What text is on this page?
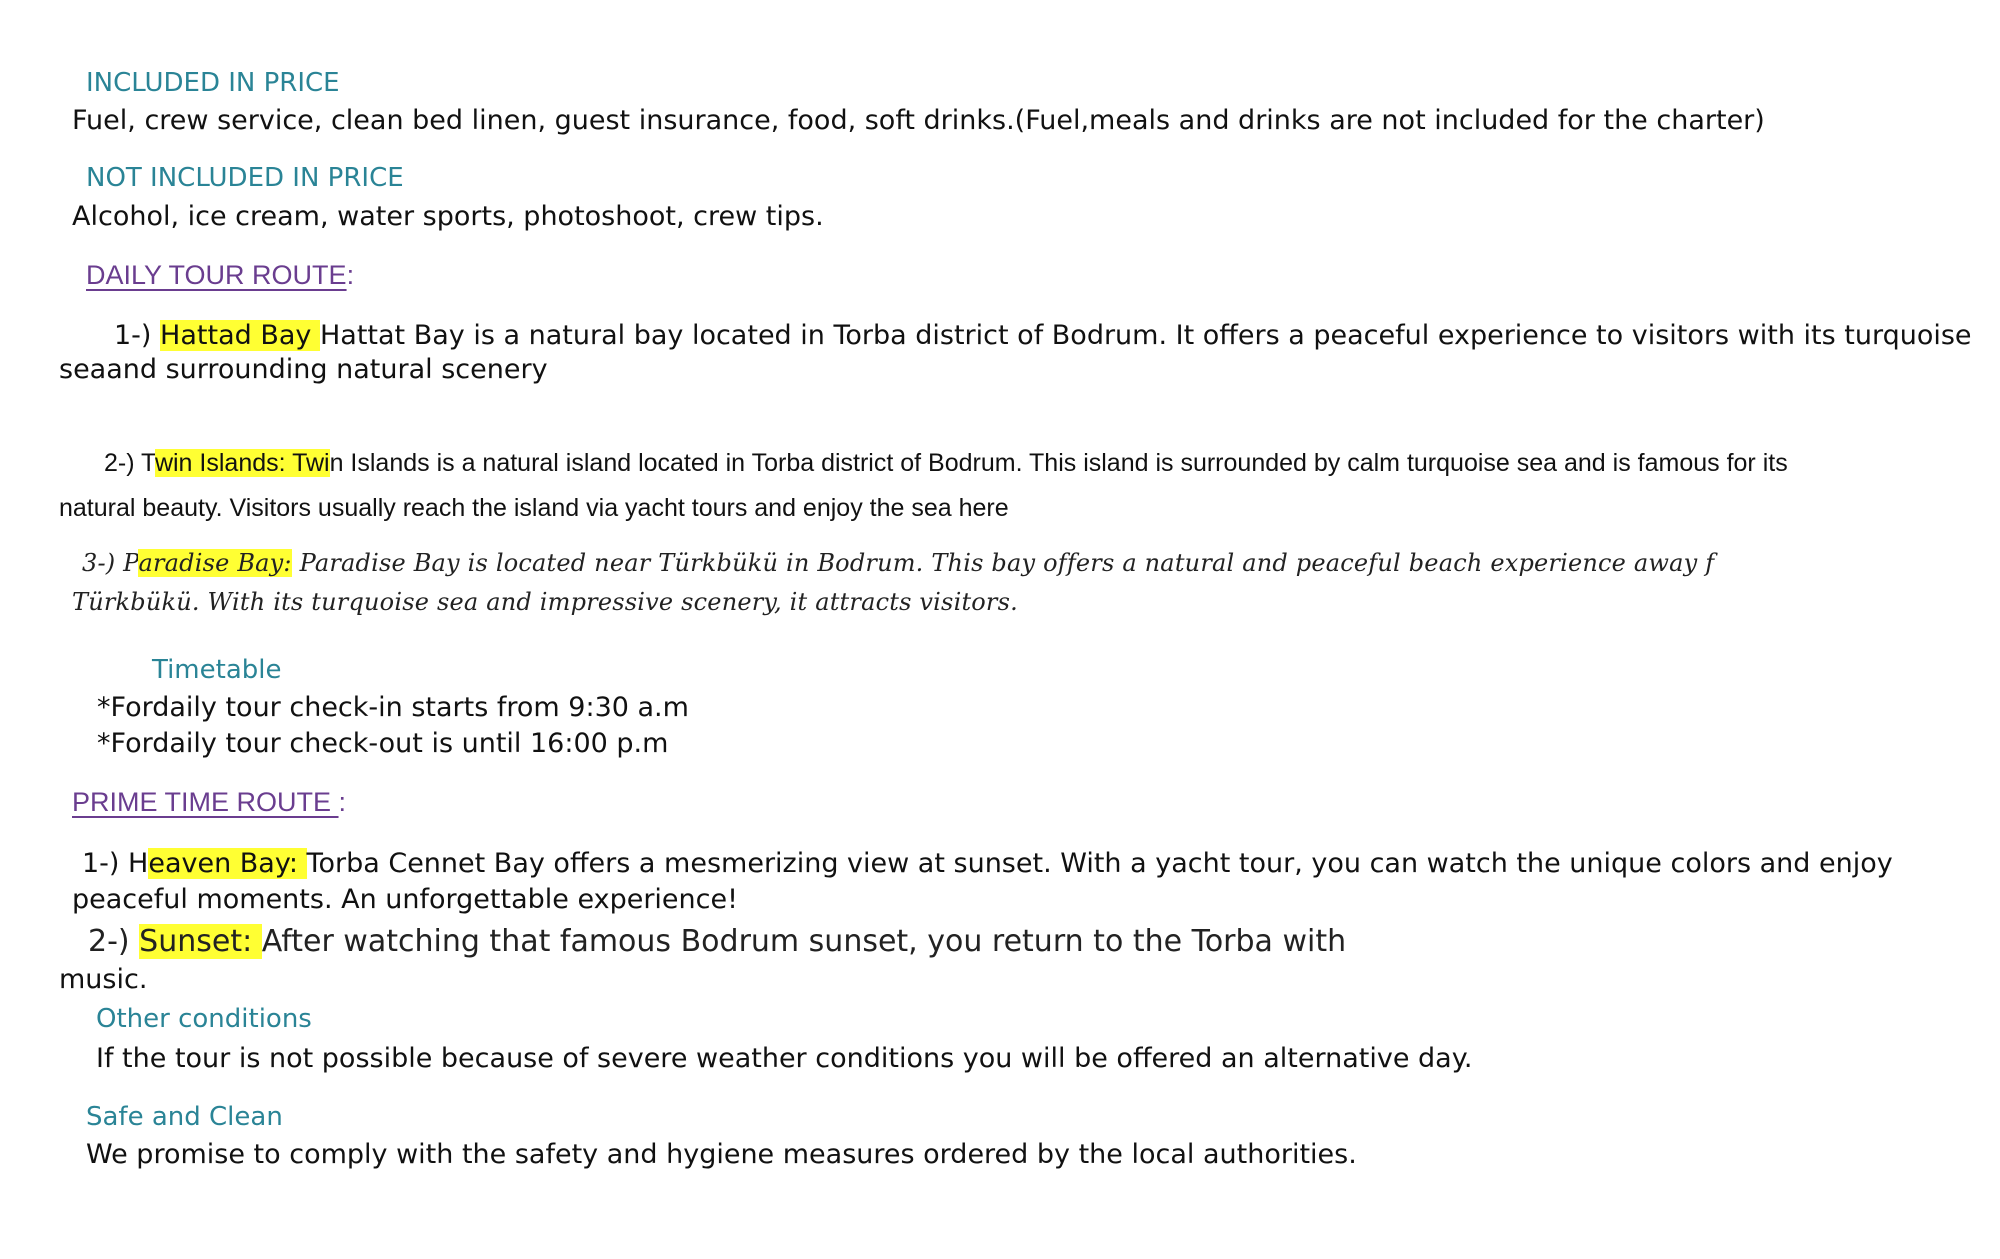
INCLUDED IN PRICE
Fuel, crew service, clean bed linen, guest insurance, food, soft drinks.(Fuel,meals and drinks are not included for the charter)
NOT INCLUDED IN PRICE
Alcohol, ice cream, water sports, photoshoot, crew tips.
DAILY TOUR ROUTE:
1-) Hattad Bay Hattat Bay is a natural bay located in Torba district of Bodrum. It offers a peaceful experience to visitors with its turquoise
seaand surrounding natural scenery
2-) Twin Islands: Twin Islands is a natural island located in Torba district of Bodrum. This island is surrounded by calm turquoise sea and is famous for its
natural beauty. Visitors usually reach the island via yacht tours and enjoy the sea here
3-) Paradise Bay: Paradise Bay is located near Türkbükü in Bodrum. This bay offers a natural and peaceful beach experience away f
Türkbükü. With its turquoise sea and impressive scenery, it attracts visitors.
Timetable
*Fordaily tour check-in starts from 9:30 a.m
*Fordaily tour check-out is until 16:00 p.m
PRIME TIME ROUTE :
1-) Heaven Bay: Torba Cennet Bay offers a mesmerizing view at sunset. With a yacht tour, you can watch the unique colors and enjoy
peaceful moments. An unforgettable experience!
2-) Sunset: After watching that famous Bodrum sunset, you return to the Torba with
music.
Other conditions
If the tour is not possible because of severe weather conditions you will be offered an alternative day.
Safe and Clean
We promise to comply with the safety and hygiene measures ordered by the local authorities.
